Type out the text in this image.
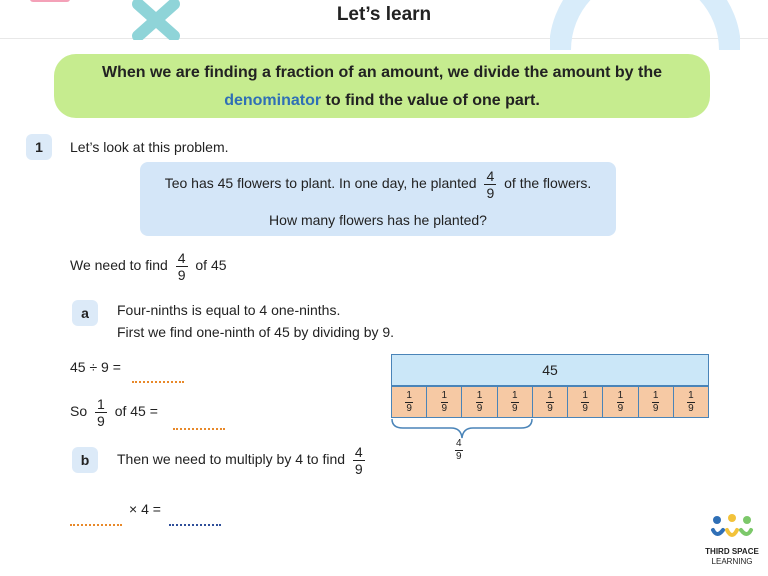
Let’s learn
When we are finding a fraction of an amount, we divide the amount by the
denominator to find the value of one part.
1	Let’s look at this problem.
Teo has 45 flowers to plant. In one day, he planted $\frac{4}{9}$ of the flowers.
How many flowers has he planted?
We need to find $\frac{4}{9}$ of 45
a	Four-ninths is equal to 4 one-ninths.
First we find one-ninth of 45 by dividing by 9.
45 ÷ 9 =
So $\frac{1}{9}$ of 45 =
45
$\frac{1}{9}$	$\frac{1}{9}$	$\frac{1}{9}$	$\frac{1}{9}$	$\frac{1}{9}$	$\frac{1}{9}$	$\frac{1}{9}$	$\frac{1}{9}$	$\frac{1}{9}$
$\frac{4}{9}$
b	Then we need to multiply by 4 to find $\frac{4}{9}$
× 4 =
THIRD SPACE
LEARNING
